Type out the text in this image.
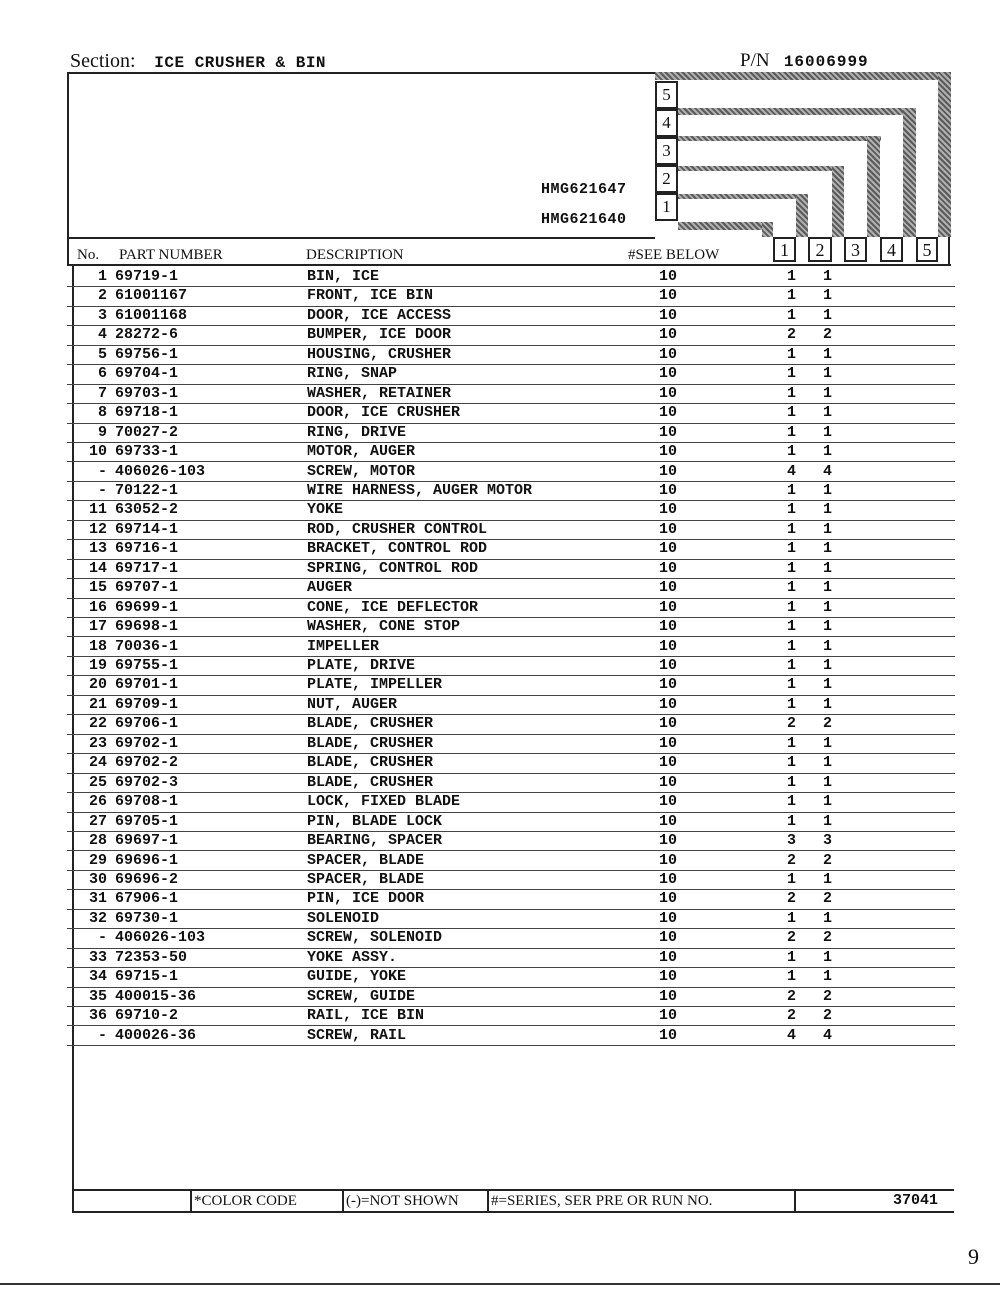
Section: ICE CRUSHER & BIN	P/N 16006999
5
4
3
2
1
HMG621647
HMG621640
1	2	3	4	5
No. PART NUMBER	DESCRIPTION	#SEE BELOW
1 69719-1	BIN, ICE	10	1 1
2 61001167	FRONT, ICE BIN	10	1 1
3 61001168	DOOR, ICE ACCESS	10	1 1
4 28272-6	BUMPER, ICE DOOR	10	2 2
5 69756-1	HOUSING, CRUSHER	10	1 1
6 69704-1	RING, SNAP	10	1 1
7 69703-1	WASHER, RETAINER	10	1 1
8 69718-1	DOOR, ICE CRUSHER	10	1 1
9 70027-2	RING, DRIVE	10	1 1
10 69733-1	MOTOR, AUGER	10	1 1
- 406026-103	SCREW, MOTOR	10	4 4
- 70122-1	WIRE HARNESS, AUGER MOTOR	10	1 1
11 63052-2	YOKE	10	1 1
12 69714-1	ROD, CRUSHER CONTROL	10	1 1
13 69716-1	BRACKET, CONTROL ROD	10	1 1
14 69717-1	SPRING, CONTROL ROD	10	1 1
15 69707-1	AUGER	10	1 1
16 69699-1	CONE, ICE DEFLECTOR	10	1 1
17 69698-1	WASHER, CONE STOP	10	1 1
18 70036-1	IMPELLER	10	1 1
19 69755-1	PLATE, DRIVE	10	1 1
20 69701-1	PLATE, IMPELLER	10	1 1
21 69709-1	NUT, AUGER	10	1 1
22 69706-1	BLADE, CRUSHER	10	2 2
23 69702-1	BLADE, CRUSHER	10	1 1
24 69702-2	BLADE, CRUSHER	10	1 1
25 69702-3	BLADE, CRUSHER	10	1 1
26 69708-1	LOCK, FIXED BLADE	10	1 1
27 69705-1	PIN, BLADE LOCK	10	1 1
28 69697-1	BEARING, SPACER	10	3 3
29 69696-1	SPACER, BLADE	10	2 2
30 69696-2	SPACER, BLADE	10	1 1
31 67906-1	PIN, ICE DOOR	10	2 2
32 69730-1	SOLENOID	10	1 1
- 406026-103	SCREW, SOLENOID	10	2 2
33 72353-50	YOKE ASSY.	10	1 1
34 69715-1	GUIDE, YOKE	10	1 1
35 400015-36	SCREW, GUIDE	10	2 2
36 69710-2	RAIL, ICE BIN	10	2 2
- 400026-36	SCREW, RAIL	10	4 4
*COLOR CODE	(-)=NOT SHOWN	#=SERIES, SER PRE OR RUN NO.	37041
9
